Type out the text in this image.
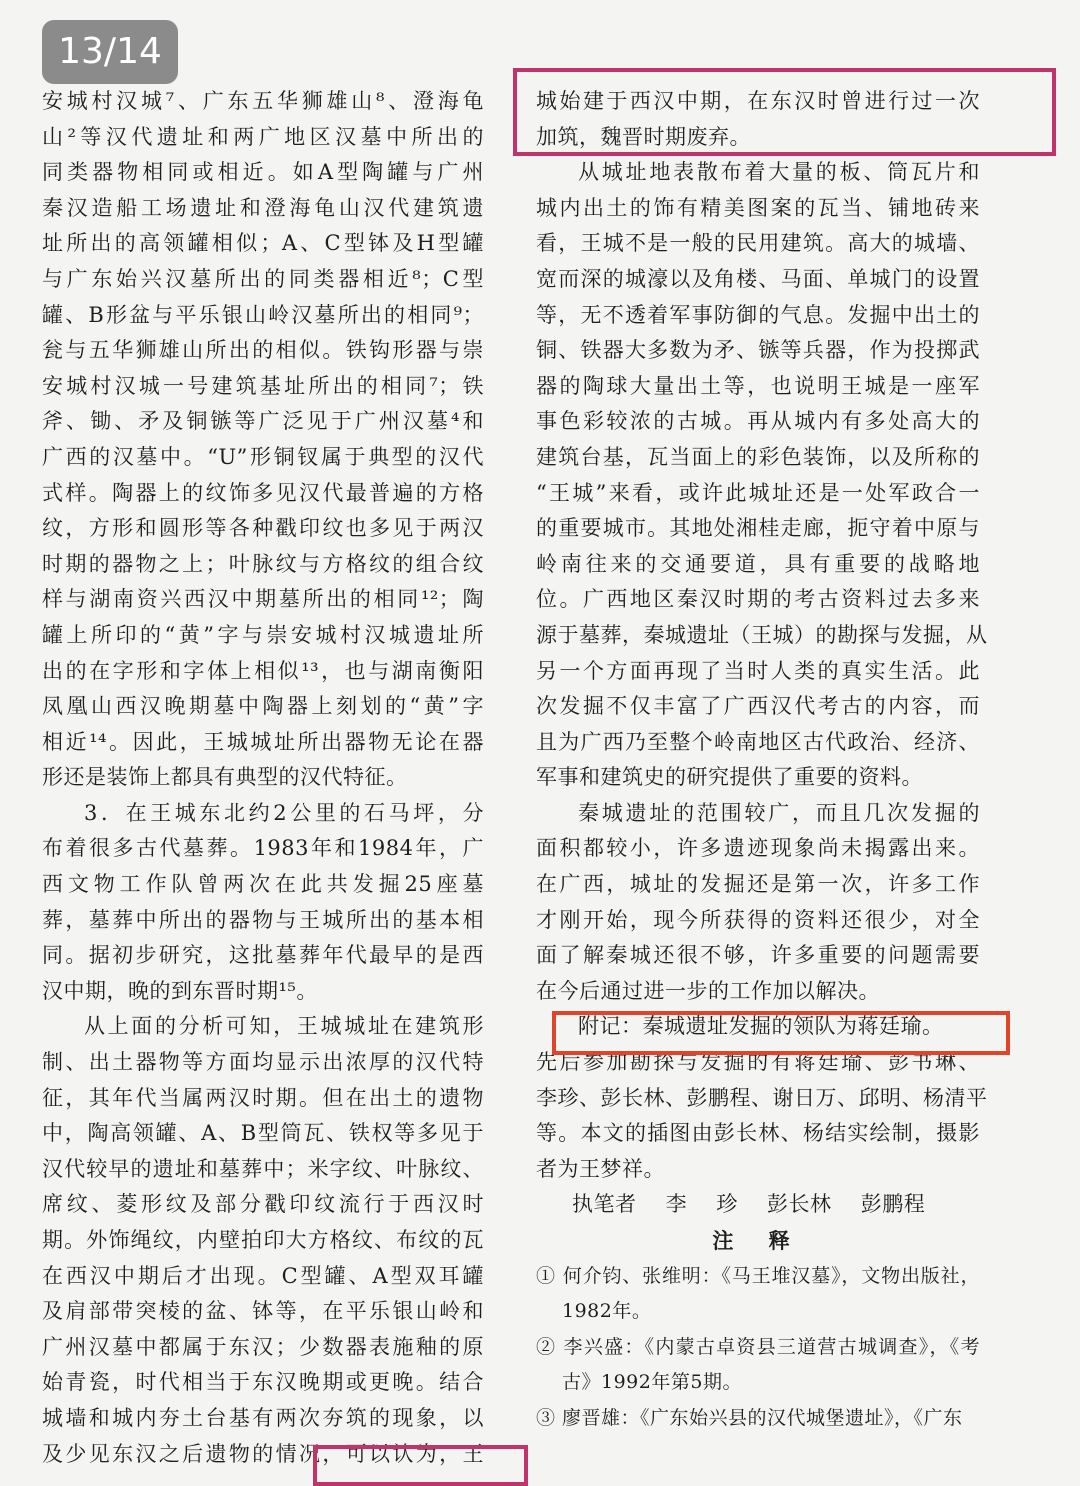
13/14
安城村汉城⁷、广东五华狮雄山⁸、澄海龟
山²等汉代遗址和两广地区汉墓中所出的
同类器物相同或相近。如A型陶罐与广州
秦汉造船工场遗址和澄海龟山汉代建筑遗
址所出的高领罐相似；A、C型钵及H型罐
与广东始兴汉墓所出的同类器相近⁸；C型
罐、B形盆与平乐银山岭汉墓所出的相同⁹；
瓮与五华狮雄山所出的相似。铁钩形器与崇
安城村汉城一号建筑基址所出的相同⁷；铁
斧、锄、矛及铜镞等广泛见于广州汉墓⁴和
广西的汉墓中。“U”形铜钗属于典型的汉代
式样。陶器上的纹饰多见汉代最普遍的方格
纹，方形和圆形等各种戳印纹也多见于两汉
时期的器物之上；叶脉纹与方格纹的组合纹
样与湖南资兴西汉中期墓所出的相同¹²；陶
罐上所印的“黄”字与崇安城村汉城遗址所
出的在字形和字体上相似¹³，也与湖南衡阳
凤凰山西汉晚期墓中陶器上刻划的“黄”字
相近¹⁴。因此，王城城址所出器物无论在器
形还是装饰上都具有典型的汉代特征。
3．在王城东北约2公里的石马坪，分
布着很多古代墓葬。1983年和1984年，广
西文物工作队曾两次在此共发掘25座墓
葬，墓葬中所出的器物与王城所出的基本相
同。据初步研究，这批墓葬年代最早的是西
汉中期，晚的到东晋时期¹⁵。
从上面的分析可知，王城城址在建筑形
制、出土器物等方面均显示出浓厚的汉代特
征，其年代当属两汉时期。但在出土的遗物
中，陶高领罐、A、B型筒瓦、铁权等多见于
汉代较早的遗址和墓葬中；米字纹、叶脉纹、
席纹、菱形纹及部分戳印纹流行于西汉时
期。外饰绳纹，内壁拍印大方格纹、布纹的瓦
在西汉中期后才出现。C型罐、A型双耳罐
及肩部带突棱的盆、钵等，在平乐银山岭和
广州汉墓中都属于东汉；少数器表施釉的原
始青瓷，时代相当于东汉晚期或更晚。结合
城墙和城内夯土台基有两次夯筑的现象，以
及少见东汉之后遗物的情况，可以认为，王
城始建于西汉中期，在东汉时曾进行过一次
加筑，魏晋时期废弃。
从城址地表散布着大量的板、筒瓦片和
城内出土的饰有精美图案的瓦当、铺地砖来
看，王城不是一般的民用建筑。高大的城墙、
宽而深的城濠以及角楼、马面、单城门的设置
等，无不透着军事防御的气息。发掘中出土的
铜、铁器大多数为矛、镞等兵器，作为投掷武
器的陶球大量出土等，也说明王城是一座军
事色彩较浓的古城。再从城内有多处高大的
建筑台基，瓦当面上的彩色装饰，以及所称的
“王城”来看，或许此城址还是一处军政合一
的重要城市。其地处湘桂走廊，扼守着中原与
岭南往来的交通要道，具有重要的战略地
位。广西地区秦汉时期的考古资料过去多来
源于墓葬，秦城遗址（王城）的勘探与发掘，从
另一个方面再现了当时人类的真实生活。此
次发掘不仅丰富了广西汉代考古的内容，而
且为广西乃至整个岭南地区古代政治、经济、
军事和建筑史的研究提供了重要的资料。
秦城遗址的范围较广，而且几次发掘的
面积都较小，许多遗迹现象尚未揭露出来。
在广西，城址的发掘还是第一次，许多工作
才刚开始，现今所获得的资料还很少，对全
面了解秦城还很不够，许多重要的问题需要
在今后通过进一步的工作加以解决。
附记：秦城遗址发掘的领队为蒋廷瑜。
先后参加勘探与发掘的有蒋廷瑜、彭书琳、
李珍、彭长林、彭鹏程、谢日万、邱明、杨清平
等。本文的插图由彭长林、杨结实绘制，摄影
者为王梦祥。
执笔者 李 珍 彭长林 彭鹏程
注 释
① 何介钧、张维明：《马王堆汉墓》，文物出版社，
1982年。
② 李兴盛：《内蒙古卓资县三道营古城调查》，《考
古》1992年第5期。
③ 廖晋雄：《广东始兴县的汉代城堡遗址》，《广东
